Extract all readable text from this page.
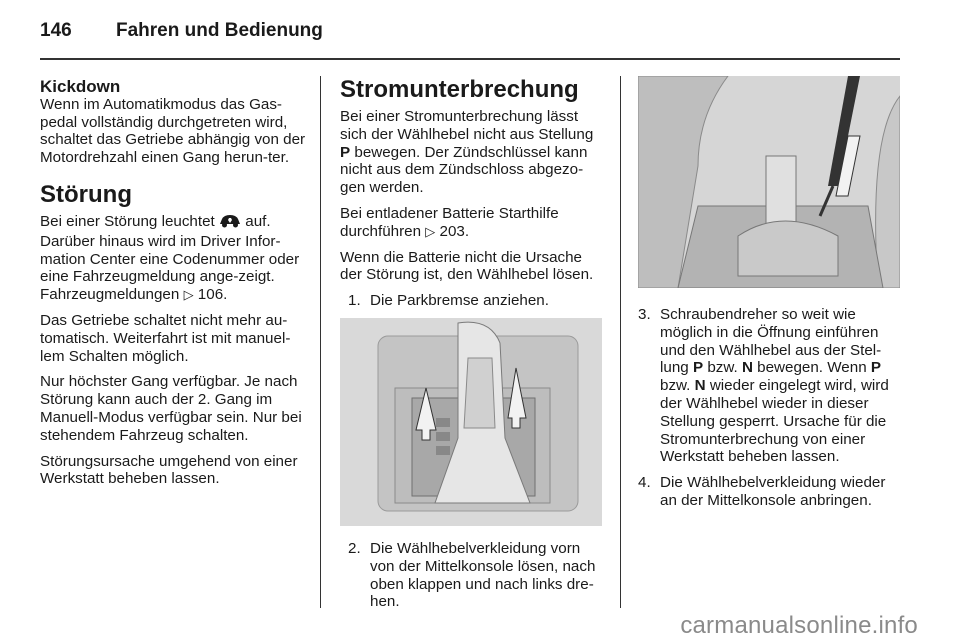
146	Fahren und Bedienung
Kickdown

Wenn im Automatikmodus das Gas-pedal vollständig durchgetreten wird, schaltet das Getriebe abhängig von der Motordrehzahl einen Gang herun-ter.

Störung

Bei einer Störung leuchtet auf. Darüber hinaus wird im Driver Infor-mation Center eine Codenummer oder eine Fahrzeugmeldung ange-zeigt. Fahrzeugmeldungen ▷ 106.

Das Getriebe schaltet nicht mehr au-tomatisch. Weiterfahrt ist mit manuel-lem Schalten möglich.

Nur höchster Gang verfügbar. Je nach Störung kann auch der 2. Gang im Manuell-Modus verfügbar sein. Nur bei stehendem Fahrzeug schalten.

Störungsursache umgehend von einer Werkstatt beheben lassen.

Stromunterbrechung

Bei einer Stromunterbrechung lässt sich der Wählhebel nicht aus Stellung P bewegen. Der Zündschlüssel kann nicht aus dem Zündschloss abgezo-gen werden.

Bei entladener Batterie Starthilfe durchführen ▷ 203.

Wenn die Batterie nicht die Ursache der Störung ist, den Wählhebel lösen.

1. Die Parkbremse anziehen.
2. Die Wählhebelverkleidung vorn von der Mittelkonsole lösen, nach oben klappen und nach links dre-hen.
3. Schraubendreher so weit wie möglich in die Öffnung einführen und den Wählhebel aus der Stel-lung P bzw. N bewegen. Wenn P bzw. N wieder eingelegt wird, wird der Wählhebel wieder in dieser Stellung gesperrt. Ursache für die Stromunterbrechung von einer Werkstatt beheben lassen.
4. Die Wählhebelverkleidung wieder an der Mittelkonsole anbringen.
carmanualsonline.info
